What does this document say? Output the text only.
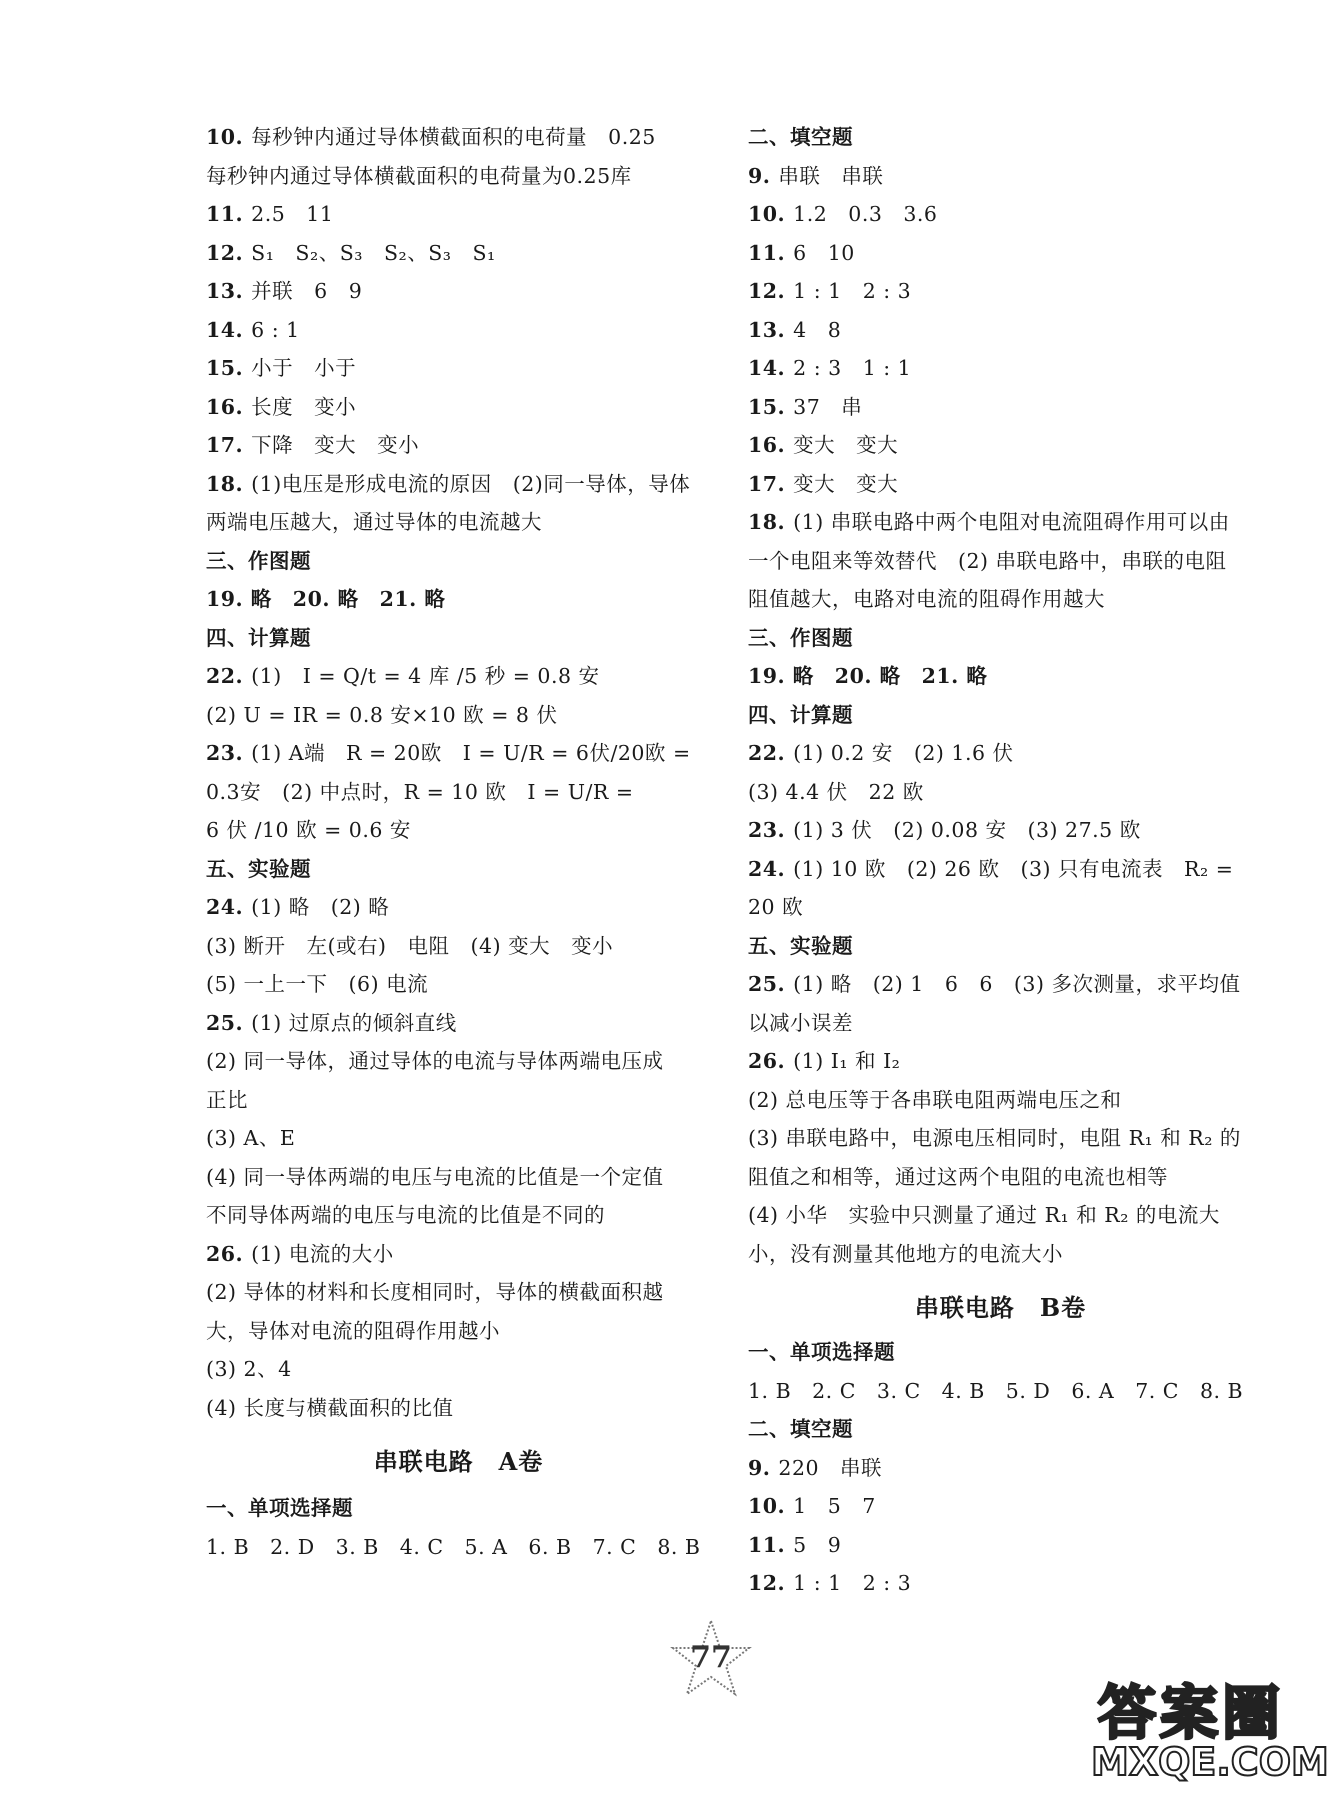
10. 每秒钟内通过导体横截面积的电荷量　0.25
每秒钟内通过导体横截面积的电荷量为0.25库
11. 2.5　11
12. S₁　S₂、S₃　S₂、S₃　S₁
13. 并联　6　9
14. 6 : 1
15. 小于　小于
16. 长度　变小
17. 下降　变大　变小
18. (1)电压是形成电流的原因　(2)同一导体，导体
两端电压越大，通过导体的电流越大
三、作图题
19. 略　20. 略　21. 略
四、计算题
22. (1)　I = Q/t = 4 库 /5 秒 = 0.8 安
(2) U = IR = 0.8 安×10 欧 = 8 伏
23. (1) A端　R = 20欧　I = U/R = 6伏/20欧 =
0.3安　(2) 中点时，R = 10 欧　I = U/R =
6 伏 /10 欧 = 0.6 安
五、实验题
24. (1) 略　(2) 略
(3) 断开　左(或右)　电阻　(4) 变大　变小
(5) 一上一下　(6) 电流
25. (1) 过原点的倾斜直线
(2) 同一导体，通过导体的电流与导体两端电压成
正比
(3) A、E
(4) 同一导体两端的电压与电流的比值是一个定值
不同导体两端的电压与电流的比值是不同的
26. (1) 电流的大小
(2) 导体的材料和长度相同时，导体的横截面积越
大，导体对电流的阻碍作用越小
(3) 2、4
(4) 长度与横截面积的比值
串联电路　A卷
一、单项选择题
1. B　2. D　3. B　4. C　5. A　6. B　7. C　8. B
二、填空题
9. 串联　串联
10. 1.2　0.3　3.6
11. 6　10
12. 1 : 1　2 : 3
13. 4　8
14. 2 : 3　1 : 1
15. 37　串
16. 变大　变大
17. 变大　变大
18. (1) 串联电路中两个电阻对电流阻碍作用可以由
一个电阻来等效替代　(2) 串联电路中，串联的电阻
阻值越大，电路对电流的阻碍作用越大
三、作图题
19. 略　20. 略　21. 略
四、计算题
22. (1) 0.2 安　(2) 1.6 伏
(3) 4.4 伏　22 欧
23. (1) 3 伏　(2) 0.08 安　(3) 27.5 欧
24. (1) 10 欧　(2) 26 欧　(3) 只有电流表　R₂ =
20 欧
五、实验题
25. (1) 略　(2) 1　6　6　(3) 多次测量，求平均值
以减小误差
26. (1) I₁ 和 I₂
(2) 总电压等于各串联电阻两端电压之和
(3) 串联电路中，电源电压相同时，电阻 R₁ 和 R₂ 的
阻值之和相等，通过这两个电阻的电流也相等
(4) 小华　实验中只测量了通过 R₁ 和 R₂ 的电流大
小，没有测量其他地方的电流大小
串联电路　B卷
一、单项选择题
1. B　2. C　3. C　4. B　5. D　6. A　7. C　8. B
二、填空题
9. 220　串联
10. 1　5　7
11. 5　9
12. 1 : 1　2 : 3
77
答案圈
MXQE.COM
